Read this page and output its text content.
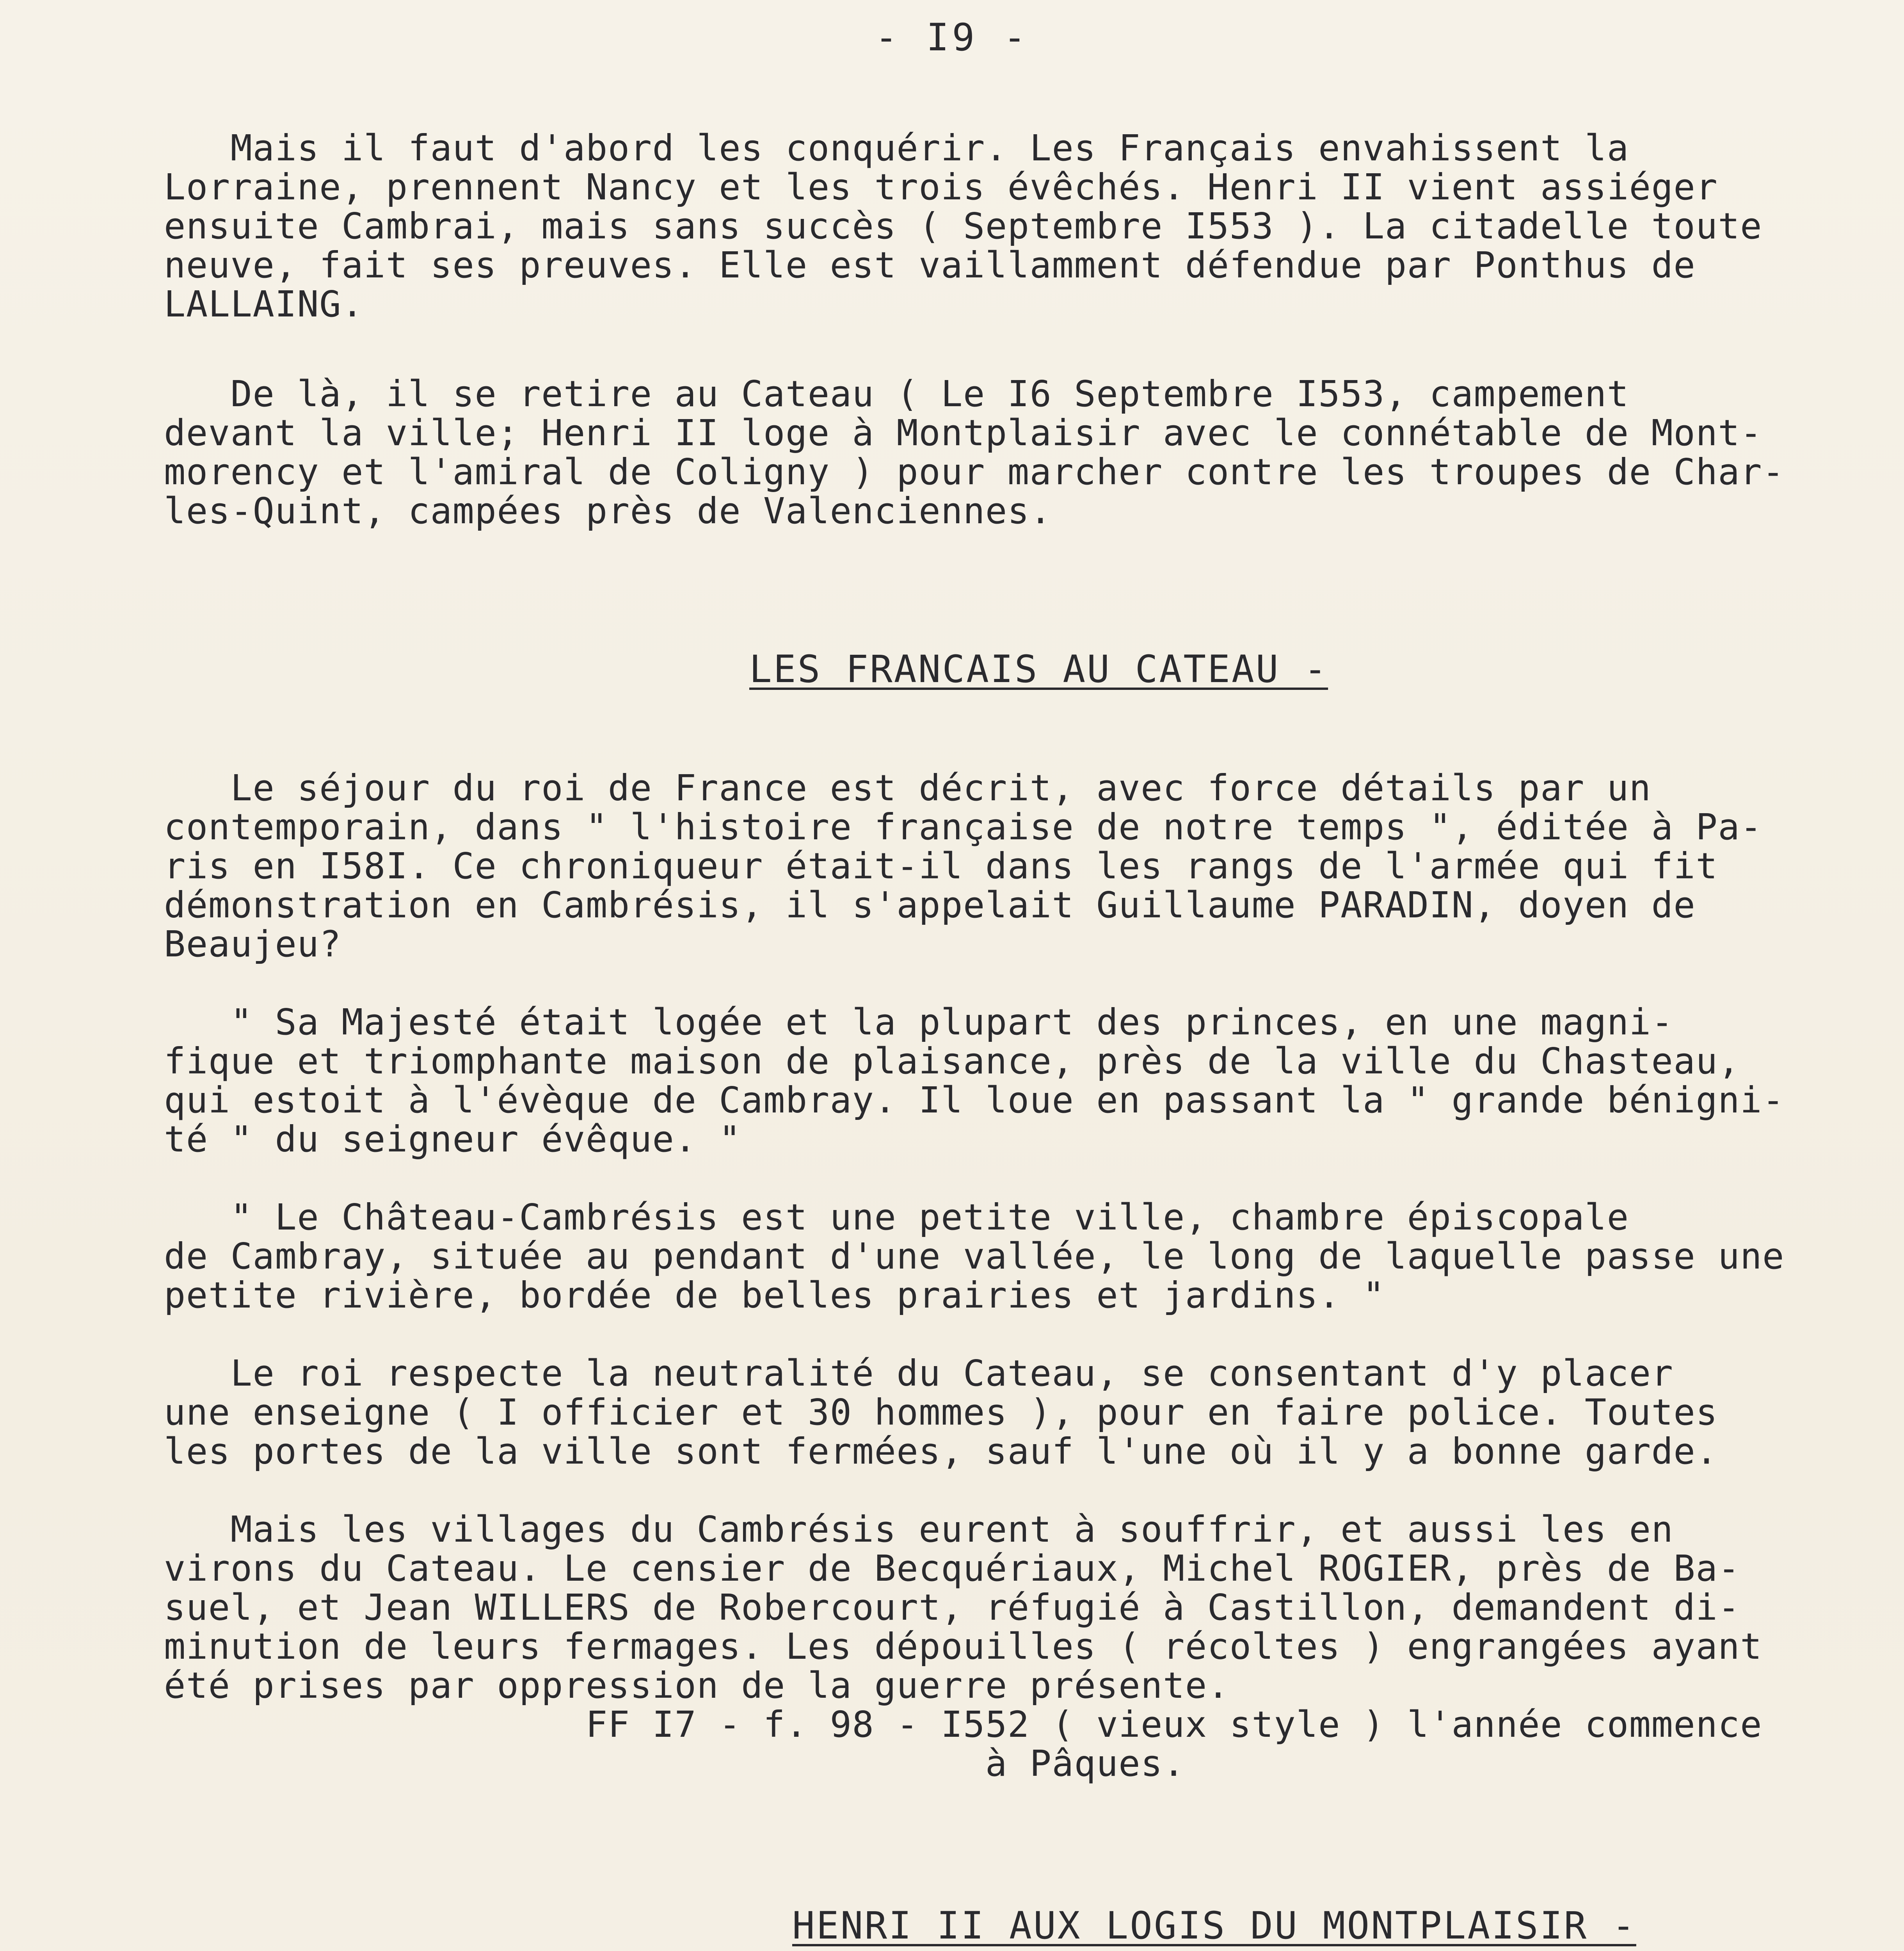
- I9 -
Mais il faut d'abord les conquérir. Les Français envahissent la
Lorraine, prennent Nancy et les trois évêchés. Henri II vient assiéger
ensuite Cambrai, mais sans succès ( Septembre I553 ). La citadelle toute
neuve, fait ses preuves. Elle est vaillamment défendue par Ponthus de
LALLAING.
De là, il se retire au Cateau ( Le I6 Septembre I553, campement
devant la ville; Henri II loge à Montplaisir avec le connétable de Mont-
morency et l'amiral de Coligny ) pour marcher contre les troupes de Char-
les-Quint, campées près de Valenciennes.
LES FRANCAIS AU CATEAU -
Le séjour du roi de France est décrit, avec force détails par un
contemporain, dans " l'histoire française de notre temps ", éditée à Pa-
ris en I58I. Ce chroniqueur était-il dans les rangs de l'armée qui fit
démonstration en Cambrésis, il s'appelait Guillaume PARADIN, doyen de
Beaujeu?
" Sa Majesté était logée et la plupart des princes, en une magni-
fique et triomphante maison de plaisance, près de la ville du Chasteau,
qui estoit à l'évèque de Cambray. Il loue en passant la " grande bénigni-
té " du seigneur évêque. "
" Le Château-Cambrésis est une petite ville, chambre épiscopale
de Cambray, située au pendant d'une vallée, le long de laquelle passe une
petite rivière, bordée de belles prairies et jardins. "
Le roi respecte la neutralité du Cateau, se consentant d'y placer
une enseigne ( I officier et 30 hommes ), pour en faire police. Toutes
les portes de la ville sont fermées, sauf l'une où il y a bonne garde.
Mais les villages du Cambrésis eurent à souffrir, et aussi les en
virons du Cateau. Le censier de Becquériaux, Michel ROGIER, près de Ba-
suel, et Jean WILLERS de Robercourt, réfugié à Castillon, demandent di-
minution de leurs fermages. Les dépouilles ( récoltes ) engrangées ayant
été prises par oppression de la guerre présente.
FF I7 - f. 98 - I552 ( vieux style ) l'année commence
à Pâques.
HENRI II AUX LOGIS DU MONTPLAISIR -
